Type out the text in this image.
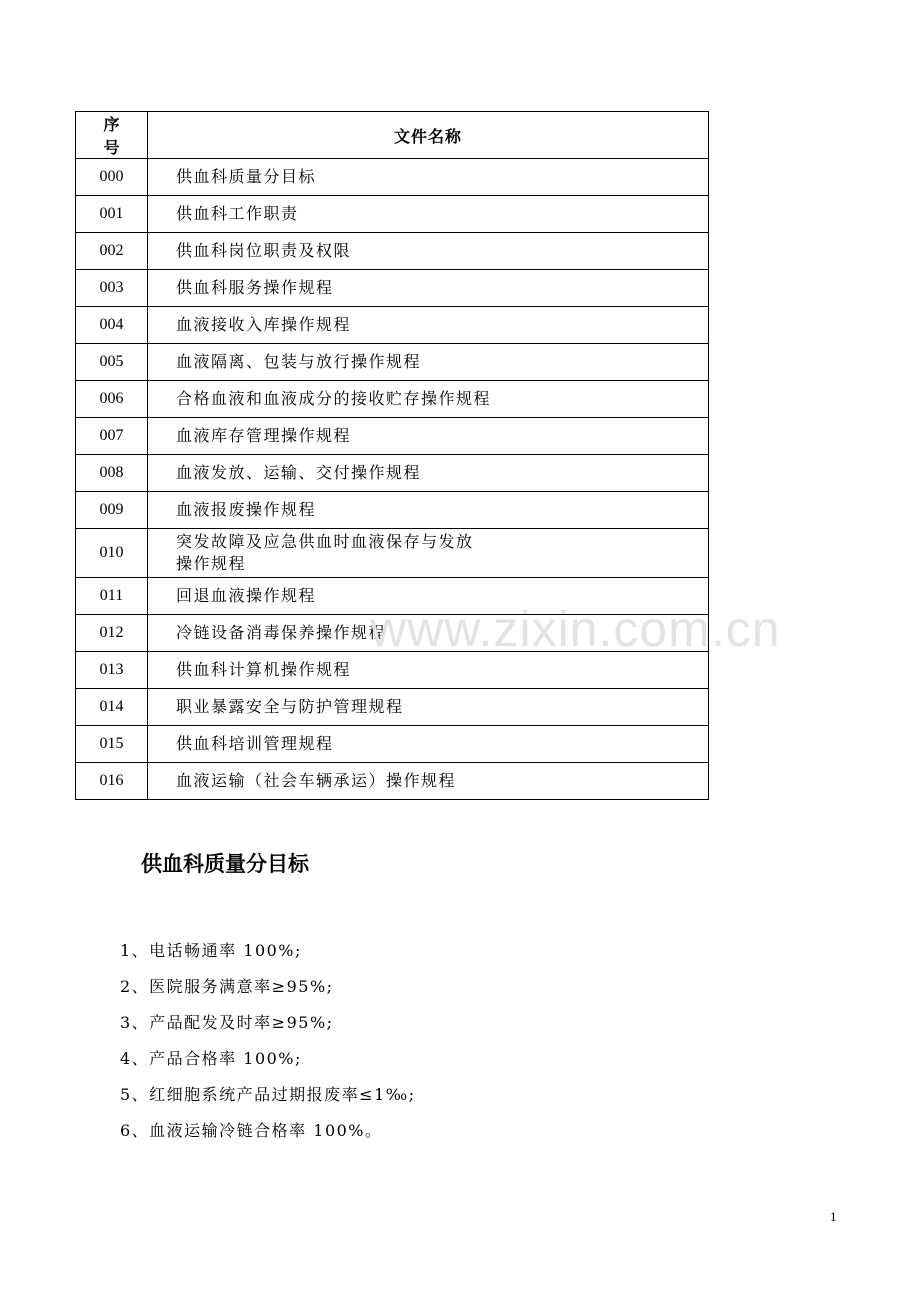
序号	文件名称
000	供血科质量分目标
001	供血科工作职责
002	供血科岗位职责及权限
003	供血科服务操作规程
004	血液接收入库操作规程
005	血液隔离、包装与放行操作规程
006	合格血液和血液成分的接收贮存操作规程
007	血液库存管理操作规程
008	血液发放、运输、交付操作规程
009	血液报废操作规程
010	突发故障及应急供血时血液保存与发放
操作规程

011	回退血液操作规程
012	冷链设备消毒保养操作规程
013	供血科计算机操作规程
014	职业暴露安全与防护管理规程
015	供血科培训管理规程
016	血液运输（社会车辆承运）操作规程
www.zixin.com.cn
供血科质量分目标
1、电话畅通率 100%;
2、医院服务满意率≥95%;
3、产品配发及时率≥95%;
4、产品合格率 100%;
5、红细胞系统产品过期报废率≤1‰;
6、血液运输冷链合格率 100%。
1
